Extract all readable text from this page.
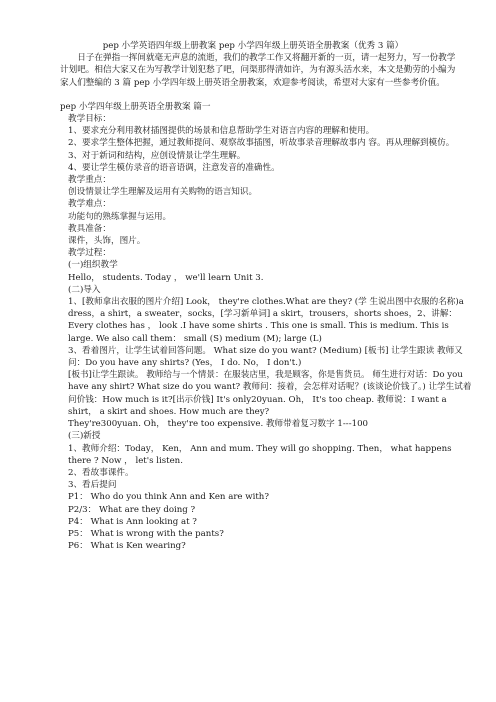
pep 小学英语四年级上册教案 pep 小学四年级上册英语全册教案（优秀 3 篇）

日子在弹指一挥间就毫无声息的流逝，我们的教学工作又将翻开新的一页，请一起努力，写一份教学计划吧。相信大家又在为写教学计划犯愁了吧，问渠那得清如许，为有源头活水来，本文是勤劳的小编为家人们整编的 3 篇 pep 小学四年级上册英语全册教案，欢迎参考阅读，希望对大家有一些参考价值。

pep 小学四年级上册英语全册教案 篇一
教学目标：
1、要求充分利用教材插图提供的场景和信息帮助学生对语言内容的理解和使用。
2、要求学生整体把握，通过教师提问、观察故事插图，听故事录音理解故事内 容。再从理解到模仿。
3、对于新词和结构，应创设情景让学生理解。
4、要让学生模仿录音的语音语调，注意发音的准确性。
教学重点：
创设情景让学生理解及运用有关购物的语言知识。
教学难点：
功能句的熟练掌握与运用。
教具准备：
课件，头饰，图片。
教学过程：
(一)组织教学
Hello， students. Today ， we'll learn Unit 3.
(二)导入
1、[教师拿出衣服的图片介绍] Look， they're clothes.What are they? (学 生说出图中衣服的名称)a dress，a shirt，a sweater，socks，[学习新单词] a skirt，trousers，shorts shoes，2、讲解：Every clothes has ， look .I have some shirts . This one is small. This is medium. This is large. We also call them： small (S) medium (M); large (L)
3、看着图片，让学生试着回答问题。 What size do you want? (Medium) [板书] 让学生跟读 教师又问：Do you have any shirts? (Yes， I do. No， I don't.)
[板书]让学生跟读。 教师给与一个情景：在服装店里，我是顾客，你是售货员。 师生进行对话：Do you have any shirt? What size do you want? 教师问：接着，会怎样对话呢？(该谈论价钱了。) 让学生试着问价钱：How much is it?[出示价钱] It's only20yuan. Oh， It's too cheap. 教师说：I want a shirt， a skirt and shoes. How much are they?
They're300yuan. Oh， they're too expensive. 教师带着复习数字 1---100
(三)新授
1、教师介绍：Today， Ken， Ann and mum. They will go shopping. Then， what happens there ? Now ， let's listen.
2、看故事课件。
3、看后提问
P1： Who do you think Ann and Ken are with?
P2/3： What are they doing ?
P4： What is Ann looking at ?
P5： What is wrong with the pants?
P6： What is Ken wearing?
